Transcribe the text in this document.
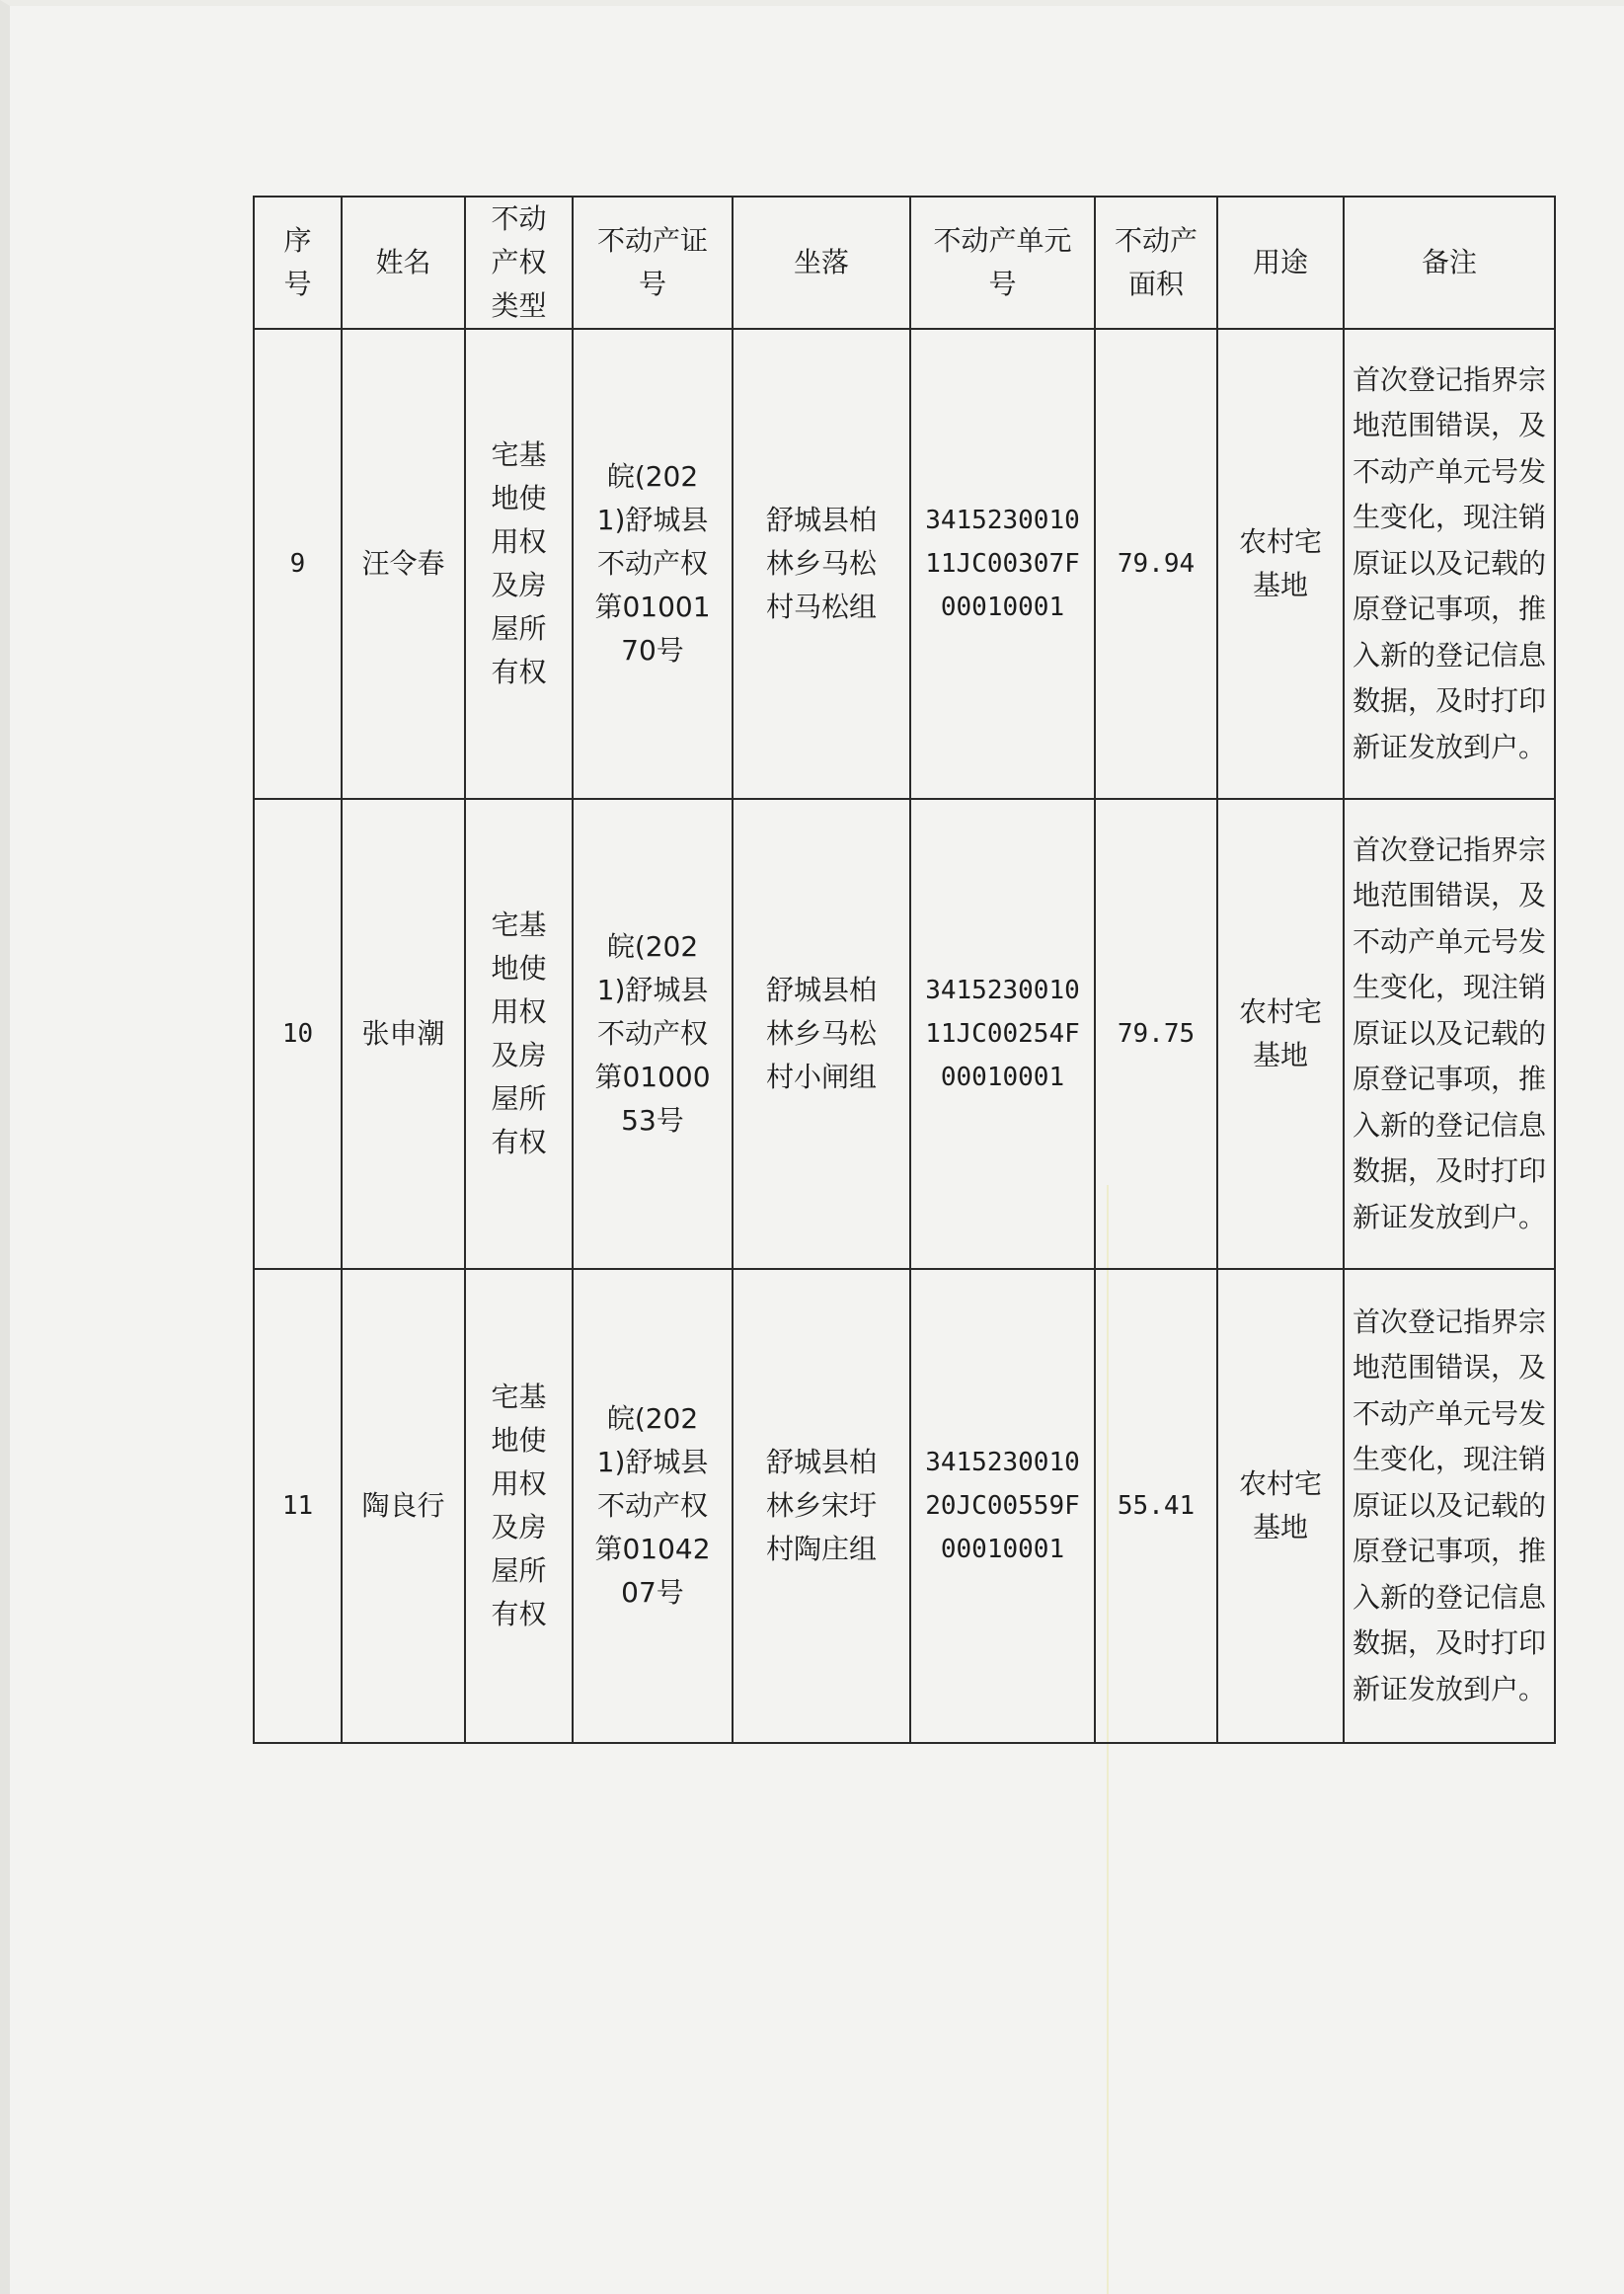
序号	姓名	不动产权类型	不动产证号	坐落	不动产单元号	不动产面积	用途	备注

9	汪令春	宅基地使用权及房屋所有权	皖(2021)舒城县不动产权第0100170号	舒城县柏林乡马松村马松组	341523001011JC00307F00010001	79.94	农村宅基地	首次登记指界宗地范围错误，及不动产单元号发生变化，现注销原证以及记载的原登记事项，推入新的登记信息数据，及时打印新证发放到户。

10	张申潮	宅基地使用权及房屋所有权	皖(2021)舒城县不动产权第0100053号	舒城县柏林乡马松村小闸组	341523001011JC00254F00010001	79.75	农村宅基地	首次登记指界宗地范围错误，及不动产单元号发生变化，现注销原证以及记载的原登记事项，推入新的登记信息数据，及时打印新证发放到户。

11	陶良行	宅基地使用权及房屋所有权	皖(2021)舒城县不动产权第0104207号	舒城县柏林乡宋圩村陶庄组	341523001020JC00559F00010001	55.41	农村宅基地	首次登记指界宗地范围错误，及不动产单元号发生变化，现注销原证以及记载的原登记事项，推入新的登记信息数据，及时打印新证发放到户。
